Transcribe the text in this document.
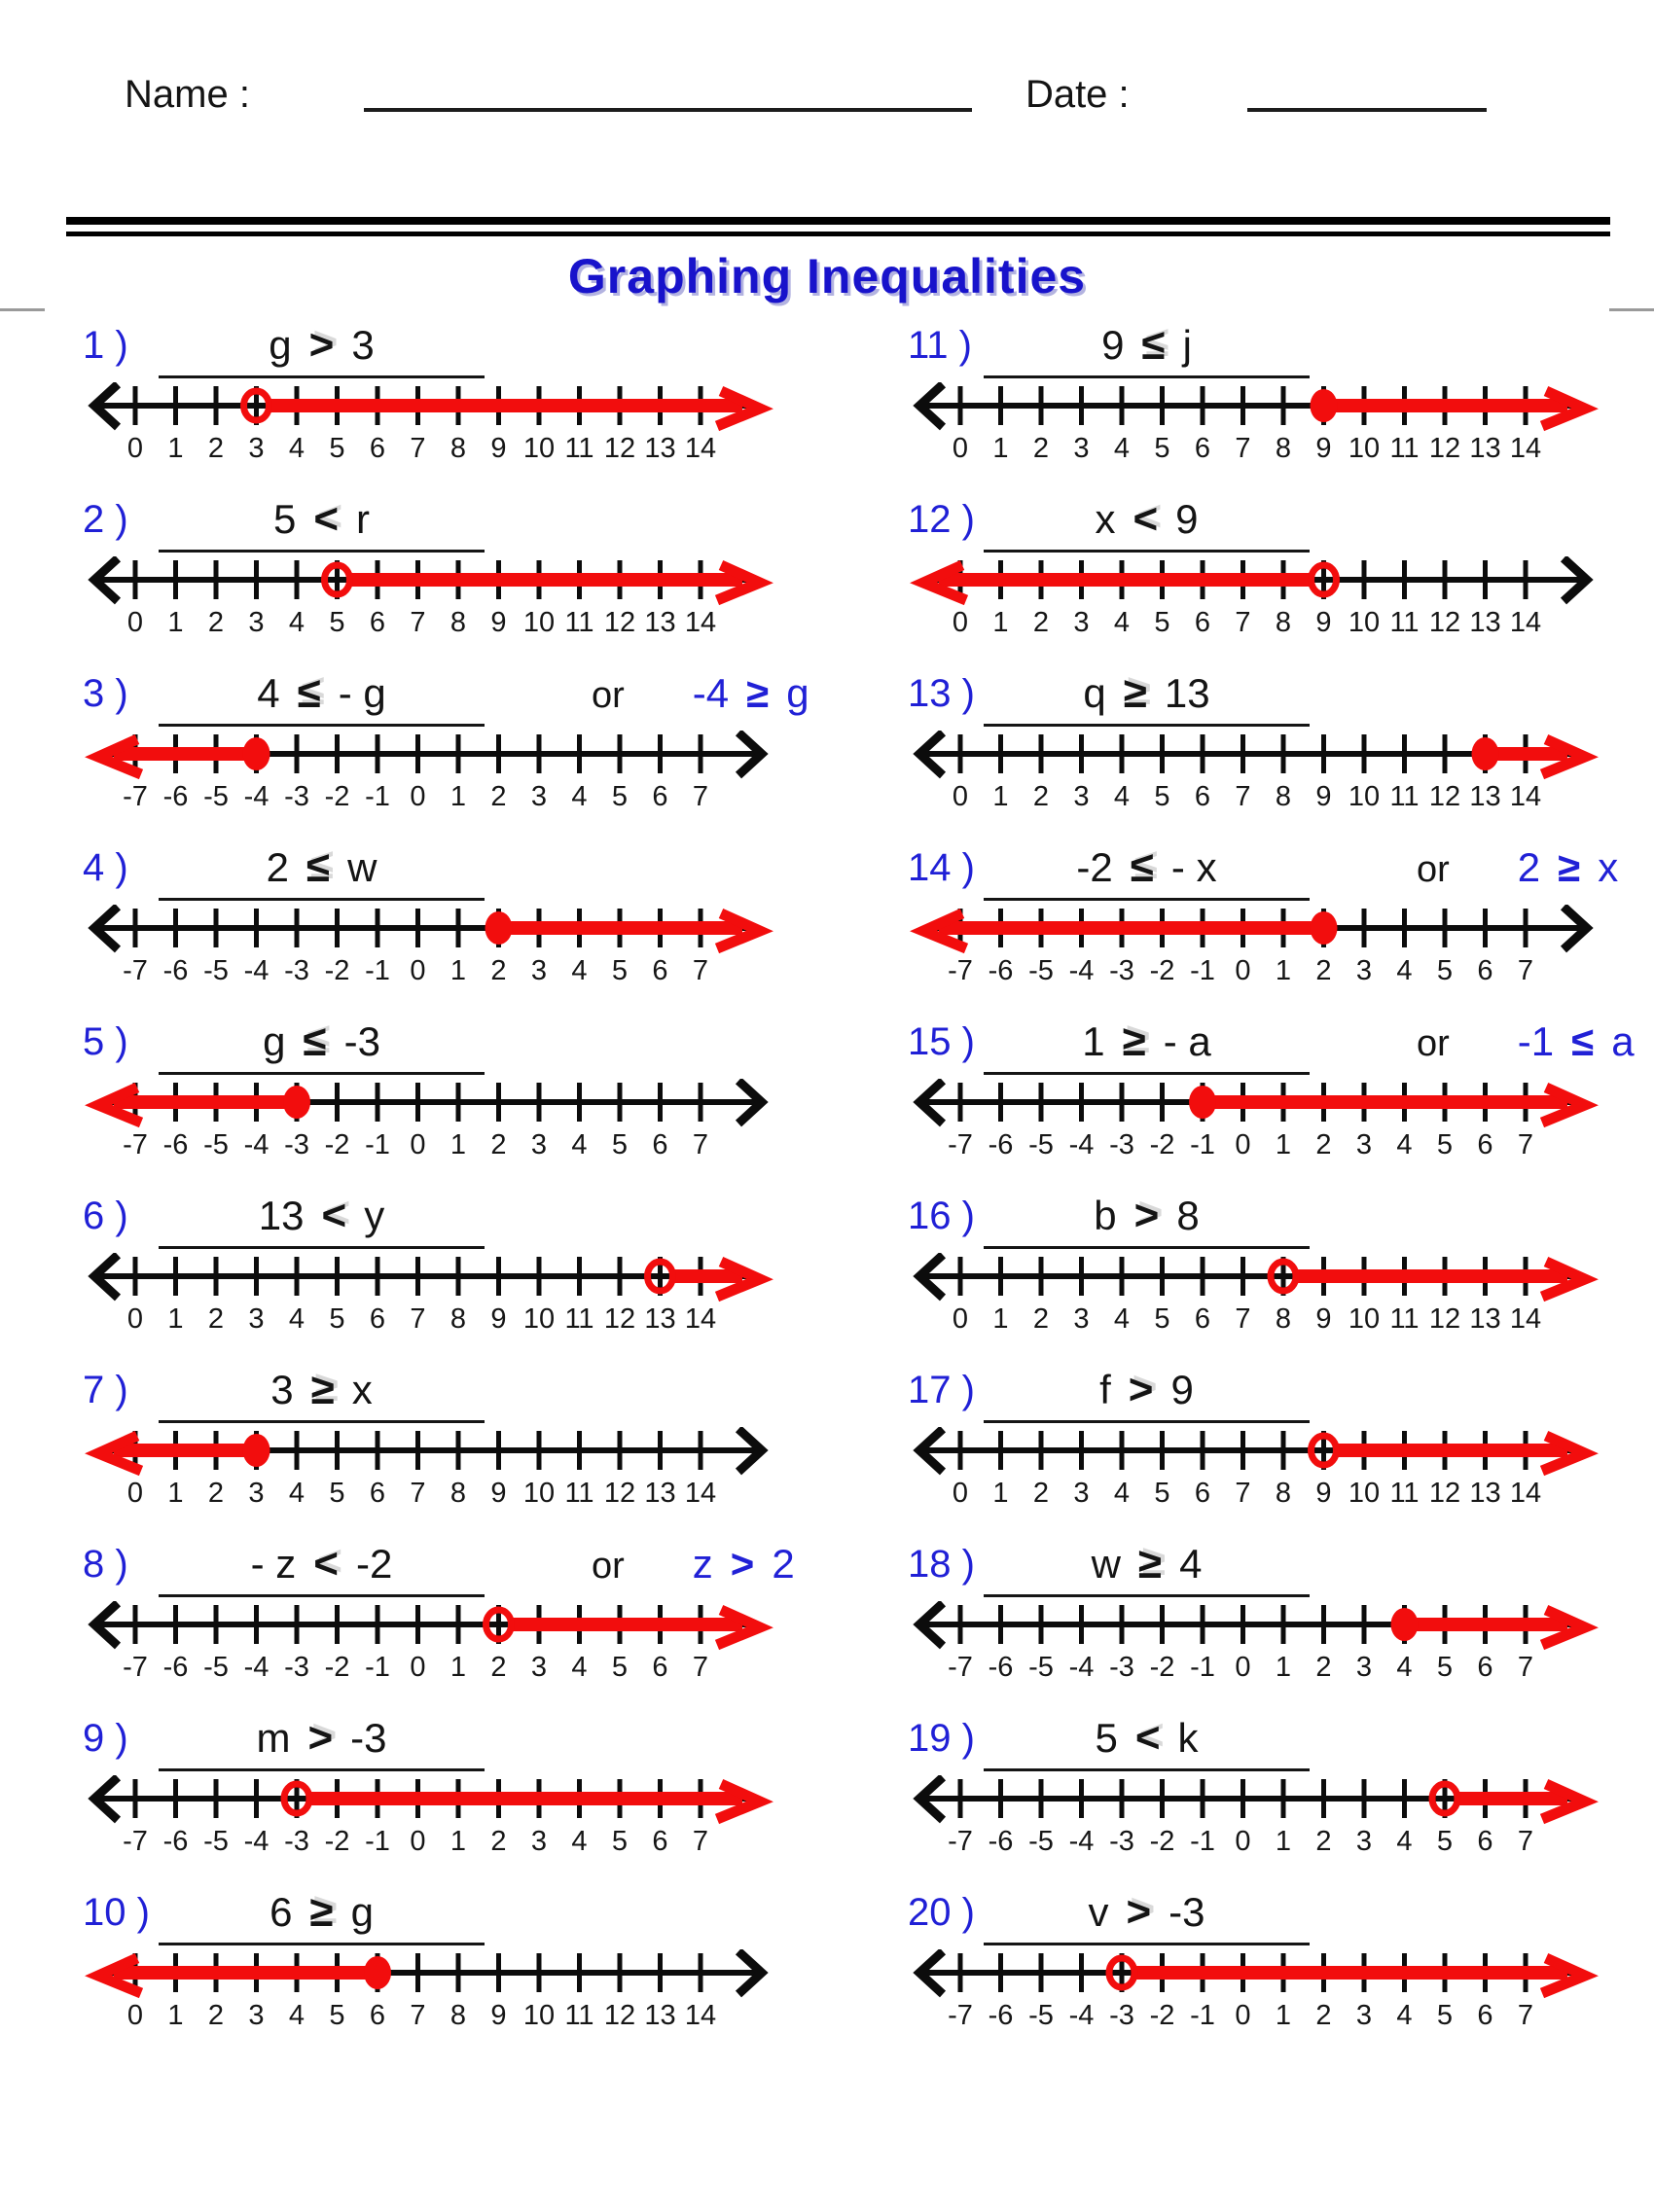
Name :	Date :
Graphing Inequalities
1 )	g > 3
0 1 2 3 4 5 6 7 8 9 10 11 12 13 14
2 )	5 < r
0 1 2 3 4 5 6 7 8 9 10 11 12 13 14
3 )	4 ≤ - g	or -4 ≥ g
-7 -6 -5 -4 -3 -2 -1 0 1 2 3 4 5 6 7
4 )	2 ≤ w
-7 -6 -5 -4 -3 -2 -1 0 1 2 3 4 5 6 7
5 )	g ≤ -3
-7 -6 -5 -4 -3 -2 -1 0 1 2 3 4 5 6 7
6 )	13 < y
0 1 2 3 4 5 6 7 8 9 10 11 12 13 14
7 )	3 ≥ x
0 1 2 3 4 5 6 7 8 9 10 11 12 13 14
8 )	- z < -2	or z > 2
-7 -6 -5 -4 -3 -2 -1 0 1 2 3 4 5 6 7
9 )	m > -3
-7 -6 -5 -4 -3 -2 -1 0 1 2 3 4 5 6 7
10 )	6 ≥ g
0 1 2 3 4 5 6 7 8 9 10 11 12 13 14
11 )	9 ≤ j
0 1 2 3 4 5 6 7 8 9 10 11 12 13 14
12 )	x < 9
0 1 2 3 4 5 6 7 8 9 10 11 12 13 14
13 )	q ≥ 13
0 1 2 3 4 5 6 7 8 9 10 11 12 13 14
14 ) -2 ≤ - x	or 2 ≥ x
-7 -6 -5 -4 -3 -2 -1 0 1 2 3 4 5 6 7
15 )	1 ≥ - a	or -1 ≤ a
-7 -6 -5 -4 -3 -2 -1 0 1 2 3 4 5 6 7
16 )	b > 8
0 1 2 3 4 5 6 7 8 9 10 11 12 13 14
17 )	f > 9
0 1 2 3 4 5 6 7 8 9 10 11 12 13 14
18 )	w ≥ 4
-7 -6 -5 -4 -3 -2 -1 0 1 2 3 4 5 6 7
19 )	5 < k
-7 -6 -5 -4 -3 -2 -1 0 1 2 3 4 5 6 7
20 )	v > -3
-7 -6 -5 -4 -3 -2 -1 0 1 2 3 4 5 6 7
